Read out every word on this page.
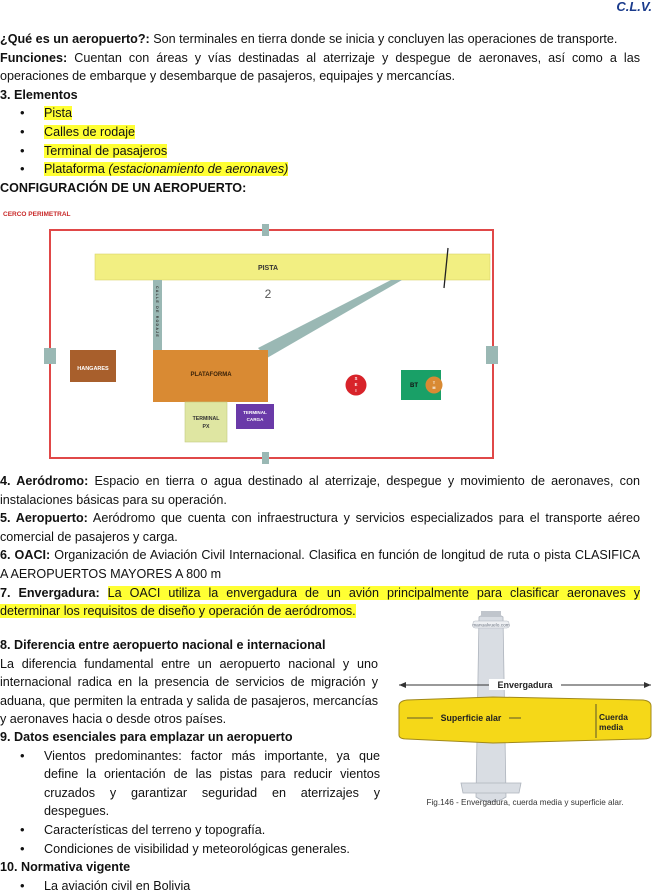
C.L.V.

¿Qué es un aeropuerto?: Son terminales en tierra donde se inicia y concluyen las operaciones de transporte.

Funciones: Cuentan con áreas y vías destinadas al aterrizaje y despegue de aeronaves, así como a las operaciones de embarque y desembarque de pasajeros, equipajes y mercancías.

3. Elementos

• Pista
• Calles de rodaje
• Terminal de pasajeros
• Plataforma (estacionamiento de aeronaves)

CONFIGURACIÓN DE UN AEROPUERTO:

CERCO PERIMETRAL
PISTA
CALLE DE RODAJE	2
HANGARES
PLATAFORMA
TERMINAL
PX
TERMINAL
CARGA
S
E
I
BT	T
M

4. Aeródromo: Espacio en tierra o agua destinado al aterrizaje, despegue y movimiento de aeronaves, con instalaciones básicas para su operación.

5. Aeropuerto: Aeródromo que cuenta con infraestructura y servicios especializados para el transporte aéreo comercial de pasajeros y carga.

6. OACI: Organización de Aviación Civil Internacional. Clasifica en función de longitud de ruta o pista CLASIFICA A AEROPUERTOS MAYORES A 800 m

7. Envergadura: La OACI utiliza la envergadura de un avión principalmente para clasificar aeronaves y determinar los requisitos de diseño y operación de aeródromos.

8. Diferencia entre aeropuerto nacional e internacional

La diferencia fundamental entre un aeropuerto nacional y uno internacional radica en la presencia de servicios de migración y aduana, que permiten la entrada y salida de pasajeros, mercancías y aeronaves hacia o desde otros países.

9. Datos esenciales para emplazar un aeropuerto

• Vientos predominantes: factor más importante, ya que define la orientación de las pistas para reducir vientos cruzados y garantizar seguridad en aterrizajes y despegues.
• Características del terreno y topografía.
• Condiciones de visibilidad y meteorológicas generales.

10. Normativa vigente

• La aviación civil en Bolivia
manualvuelo.com
Envergadura
Superficie alar	Cuerda
media
Fig.146 - Envergadura, cuerda media y superficie alar.
